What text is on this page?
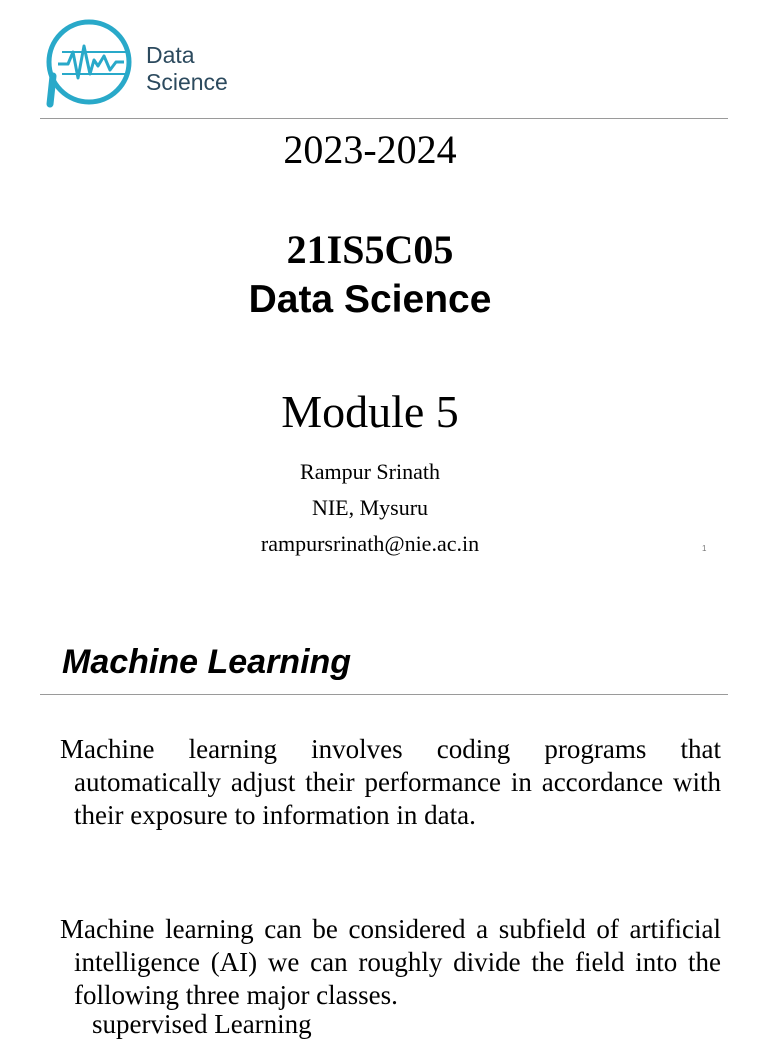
Data
Science
2023-2024
21IS5C05
Data Science
Module 5
Rampur Srinath
NIE, Mysuru
rampursrinath@nie.ac.in	1
Machine Learning
Machine learning involves coding programs that automatically adjust their performance in accordance with their exposure to information in data.
Machine learning can be considered a subfield of artificial intelligence (AI) we can roughly divide the field into the following three major classes.
supervised Learning
